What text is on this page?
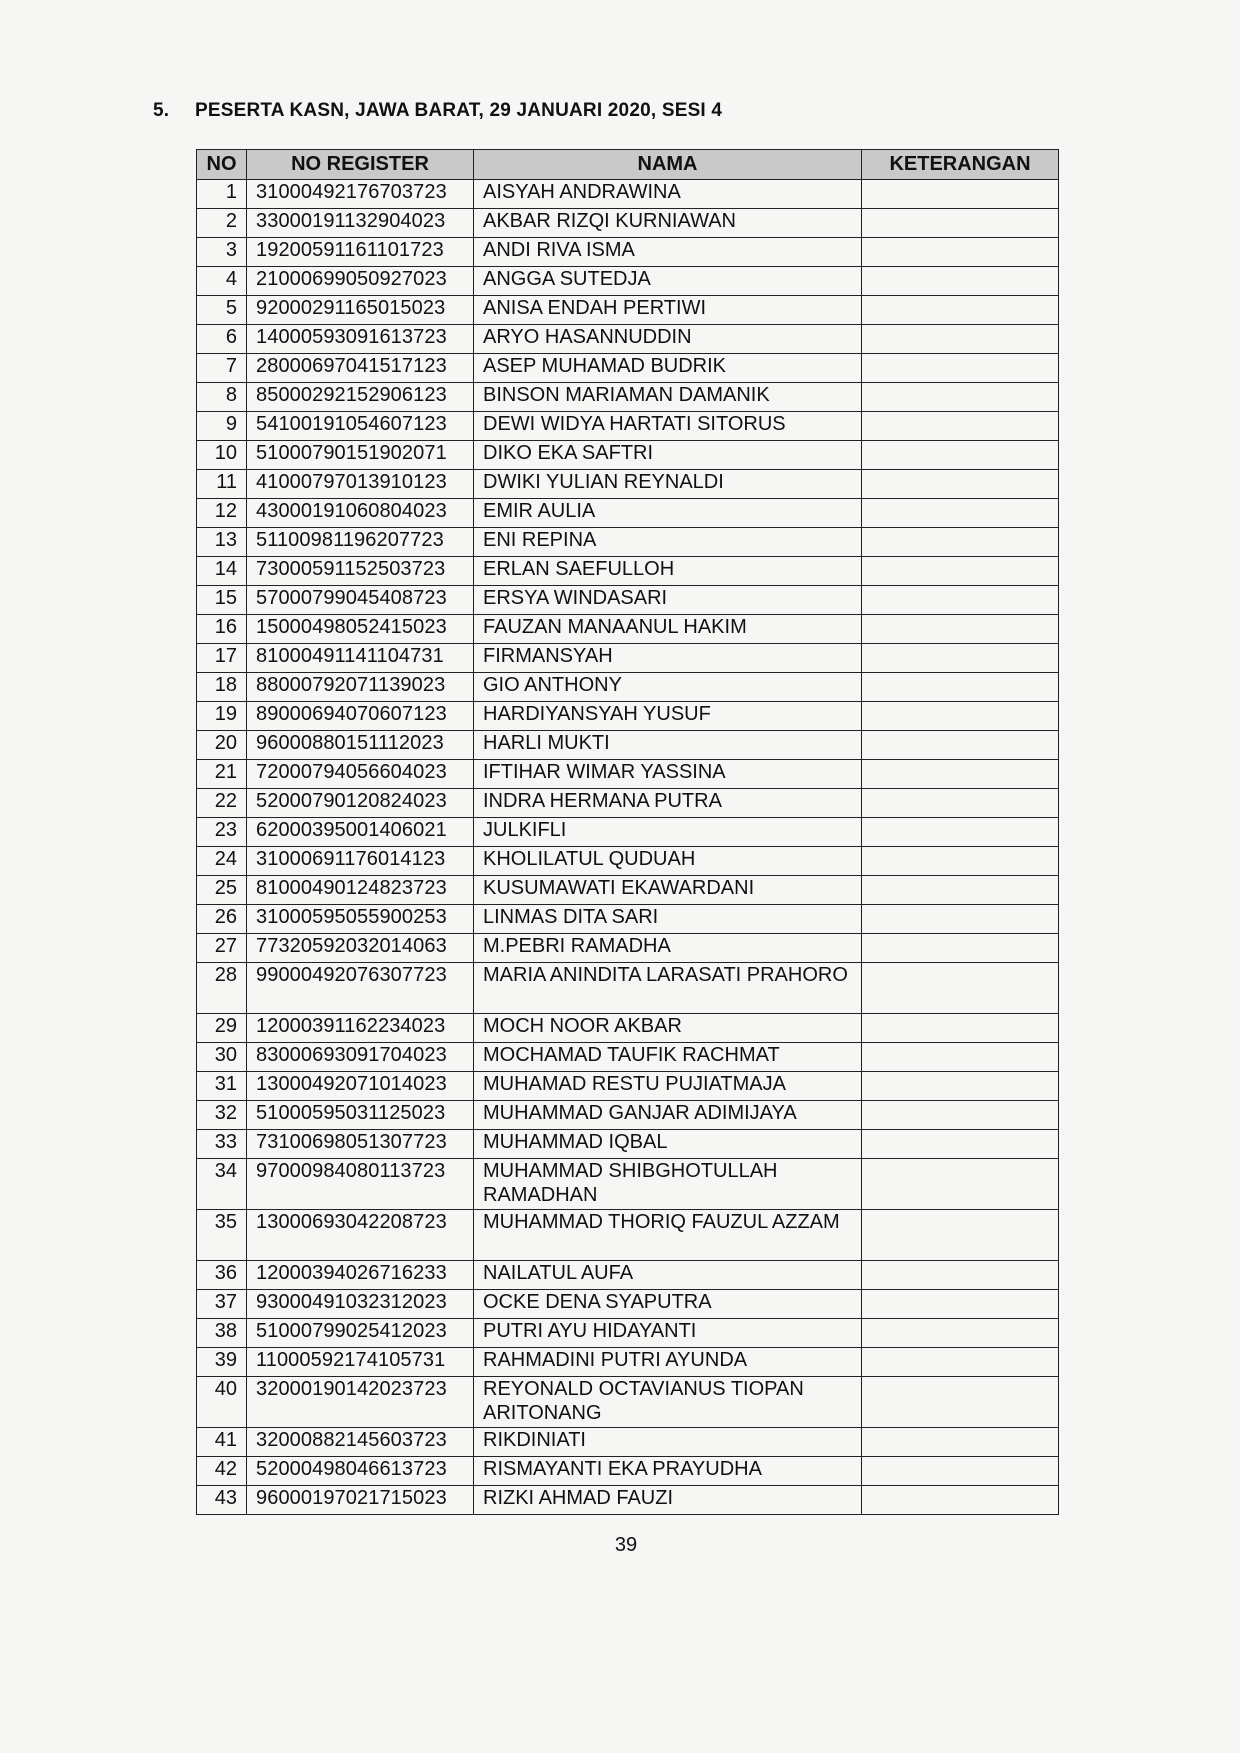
5. PESERTA KASN, JAWA BARAT, 29 JANUARI 2020, SESI 4
NO	NO REGISTER	NAMA	KETERANGAN
1	31000492176703723	AISYAH ANDRAWINA	
2	33000191132904023	AKBAR RIZQI KURNIAWAN	
3	19200591161101723	ANDI RIVA ISMA	
4	21000699050927023	ANGGA SUTEDJA	
5	92000291165015023	ANISA ENDAH PERTIWI	
6	14000593091613723	ARYO HASANNUDDIN	
7	28000697041517123	ASEP MUHAMAD BUDRIK	
8	85000292152906123	BINSON MARIAMAN DAMANIK	
9	54100191054607123	DEWI WIDYA HARTATI SITORUS	
10	51000790151902071	DIKO EKA SAFTRI	
11	41000797013910123	DWIKI YULIAN REYNALDI	
12	43000191060804023	EMIR AULIA	
13	51100981196207723	ENI REPINA	
14	73000591152503723	ERLAN SAEFULLOH	
15	57000799045408723	ERSYA WINDASARI	
16	15000498052415023	FAUZAN MANAANUL HAKIM	
17	81000491141104731	FIRMANSYAH	
18	88000792071139023	GIO ANTHONY	
19	89000694070607123	HARDIYANSYAH YUSUF	
20	96000880151112023	HARLI MUKTI	
21	72000794056604023	IFTIHAR WIMAR YASSINA	
22	52000790120824023	INDRA HERMANA PUTRA	
23	62000395001406021	JULKIFLI	
24	31000691176014123	KHOLILATUL QUDUAH	
25	81000490124823723	KUSUMAWATI EKAWARDANI	
26	31000595055900253	LINMAS DITA SARI	
27	77320592032014063	M.PEBRI RAMADHA	
28	99000492076307723	MARIA ANINDITA LARASATI PRAHORO	
29	12000391162234023	MOCH NOOR AKBAR	
30	83000693091704023	MOCHAMAD TAUFIK RACHMAT	
31	13000492071014023	MUHAMAD RESTU PUJIATMAJA	
32	51000595031125023	MUHAMMAD GANJAR ADIMIJAYA	
33	73100698051307723	MUHAMMAD IQBAL	
34	97000984080113723	MUHAMMAD SHIBGHOTULLAH RAMADHAN	
35	13000693042208723	MUHAMMAD THORIQ FAUZUL AZZAM	
36	12000394026716233	NAILATUL AUFA	
37	93000491032312023	OCKE DENA SYAPUTRA	
38	51000799025412023	PUTRI AYU HIDAYANTI	
39	11000592174105731	RAHMADINI PUTRI AYUNDA	
40	32000190142023723	REYONALD OCTAVIANUS TIOPAN ARITONANG	
41	32000882145603723	RIKDINIATI	
42	52000498046613723	RISMAYANTI EKA PRAYUDHA	
43	96000197021715023	RIZKI AHMAD FAUZI	
39
